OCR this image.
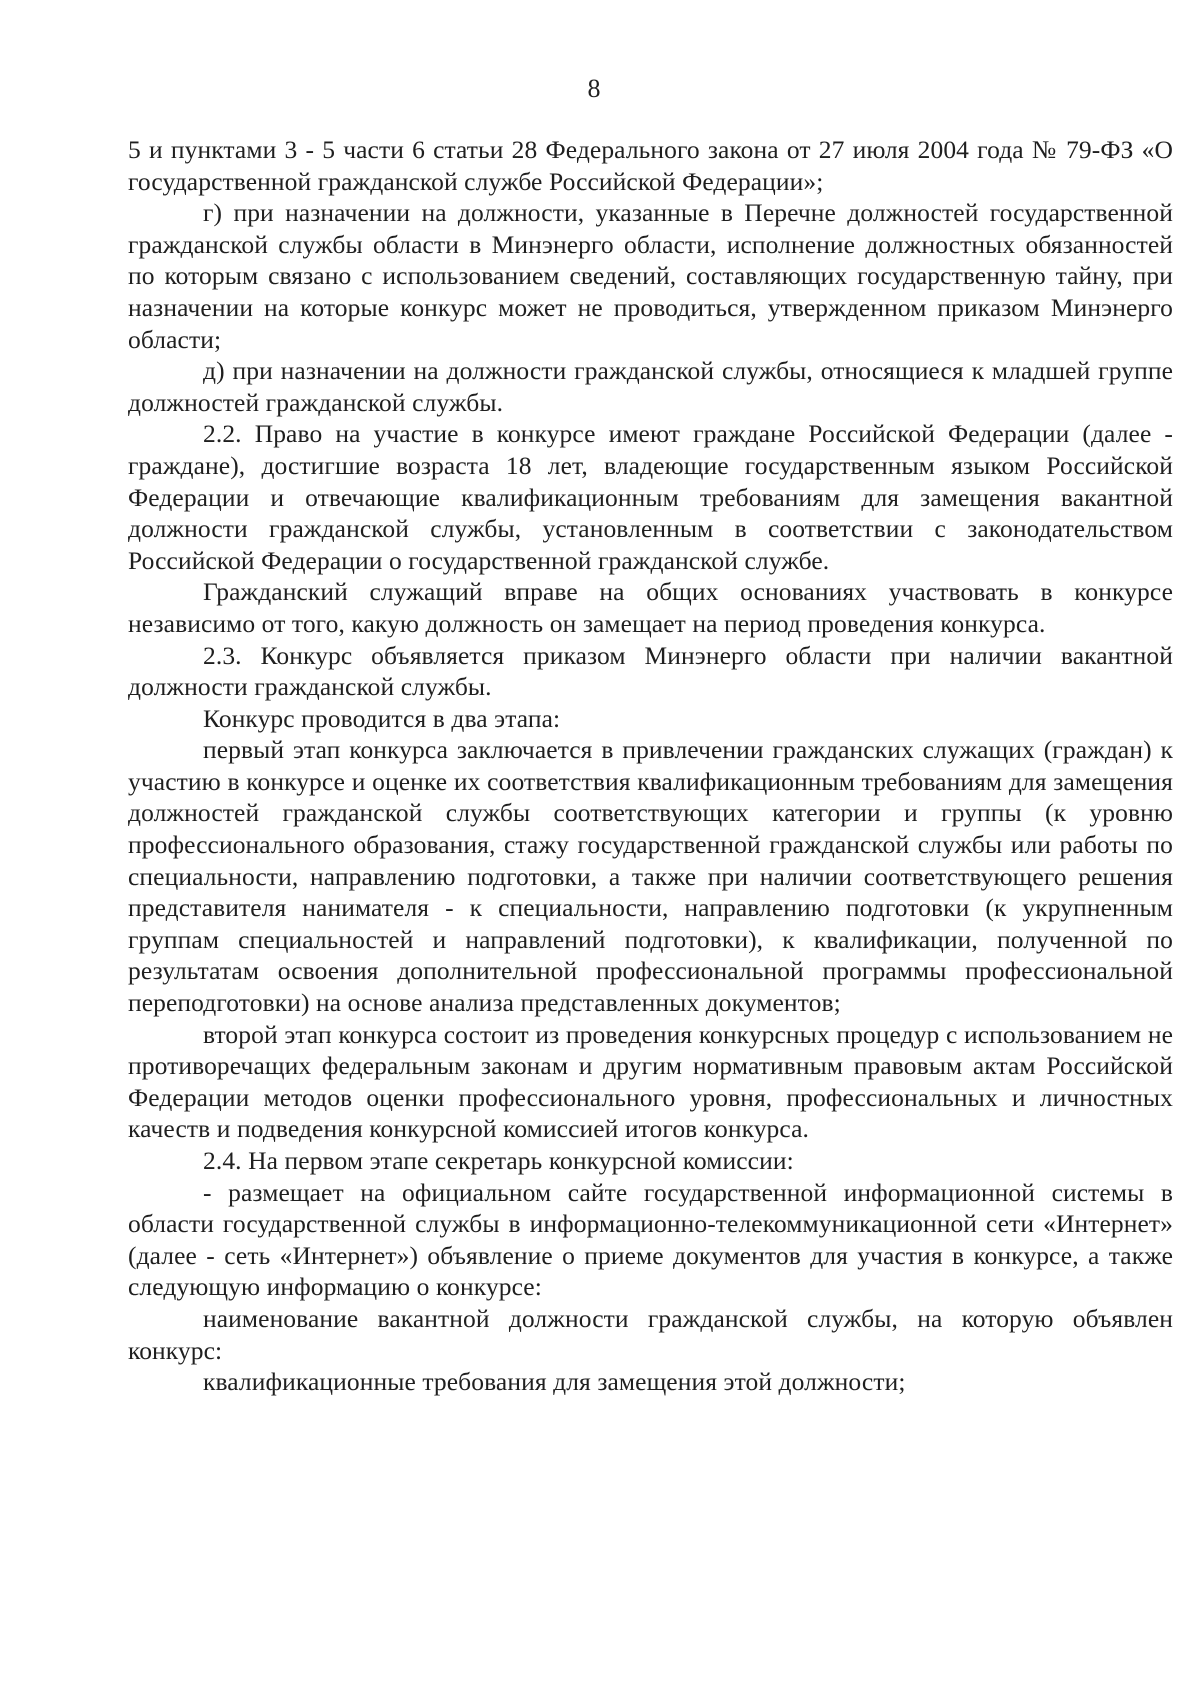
8

5 и пунктами 3 - 5 части 6 статьи 28 Федерального закона от 27 июля 2004 года № 79-ФЗ «О государственной гражданской службе Российской Федерации»;

г) при назначении на должности, указанные в Перечне должностей государственной гражданской службы области в Минэнерго области, исполнение должностных обязанностей по которым связано с использованием сведений, составляющих государственную тайну, при назначении на которые конкурс может не проводиться, утвержденном приказом Минэнерго области;

д) при назначении на должности гражданской службы, относящиеся к младшей группе должностей гражданской службы.

2.2. Право на участие в конкурсе имеют граждане Российской Федерации (далее - граждане), достигшие возраста 18 лет, владеющие государственным языком Российской Федерации и отвечающие квалификационным требованиям для замещения вакантной должности гражданской службы, установленным в соответствии с законодательством Российской Федерации о государственной гражданской службе.

Гражданский служащий вправе на общих основаниях участвовать в конкурсе независимо от того, какую должность он замещает на период проведения конкурса.

2.3. Конкурс объявляется приказом Минэнерго области при наличии вакантной должности гражданской службы.

Конкурс проводится в два этапа:

первый этап конкурса заключается в привлечении гражданских служащих (граждан) к участию в конкурсе и оценке их соответствия квалификационным требованиям для замещения должностей гражданской службы соответствующих категории и группы (к уровню профессионального образования, стажу государственной гражданской службы или работы по специальности, направлению подготовки, а также при наличии соответствующего решения представителя нанимателя - к специальности, направлению подготовки (к укрупненным группам специальностей и направлений подготовки), к квалификации, полученной по результатам освоения дополнительной профессиональной программы профессиональной переподготовки) на основе анализа представленных документов;

второй этап конкурса состоит из проведения конкурсных процедур с использованием не противоречащих федеральным законам и другим нормативным правовым актам Российской Федерации методов оценки профессионального уровня, профессиональных и личностных качеств и подведения конкурсной комиссией итогов конкурса.

2.4. На первом этапе секретарь конкурсной комиссии:

- размещает на официальном сайте государственной информационной системы в области государственной службы в информационно-телекоммуникационной сети «Интернет» (далее - сеть «Интернет») объявление о приеме документов для участия в конкурсе, а также следующую информацию о конкурсе:

наименование вакантной должности гражданской службы, на которую объявлен конкурс:

квалификационные требования для замещения этой должности;
